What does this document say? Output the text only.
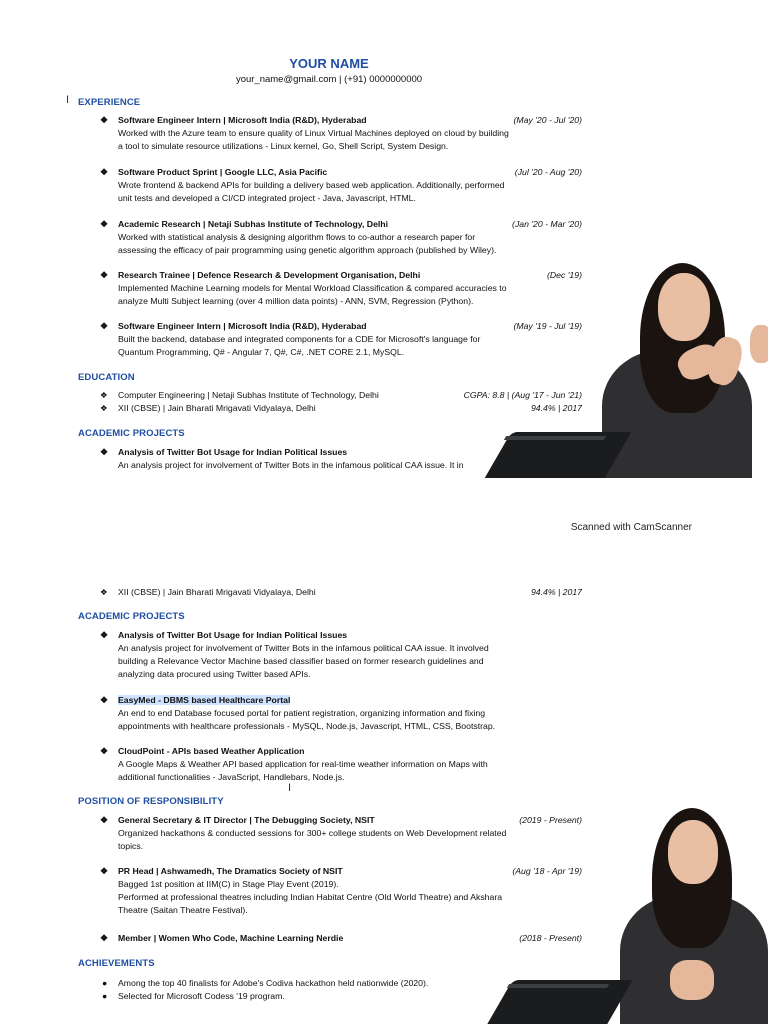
YOUR NAME
your_name@gmail.com | (+91) 0000000000
I EXPERIENCE
❖ Software Engineer Intern | Microsoft India (R&D), Hyderabad	(May '20 - Jul '20)
Worked with the Azure team to ensure quality of Linux Virtual Machines deployed on cloud by building
a tool to simulate resource utilizations - Linux kernel, Go, Shell Script, System Design.
❖ Software Product Sprint | Google LLC, Asia Pacific	(Jul '20 - Aug '20)
Wrote frontend & backend APIs for building a delivery based web application. Additionally, performed
unit tests and developed a CI/CD integrated project - Java, Javascript, HTML.
❖ Academic Research | Netaji Subhas Institute of Technology, Delhi	(Jan '20 - Mar '20)
Worked with statistical analysis & designing algorithm flows to co-author a research paper for
assessing the efficacy of pair programming using genetic algorithm approach (published by Wiley).
❖ Research Trainee | Defence Research & Development Organisation, Delhi	(Dec '19)
Implemented Machine Learning models for Mental Workload Classification & compared accuracies to
analyze Multi Subject learning (over 4 million data points) - ANN, SVM, Regression (Python).
❖ Software Engineer Intern | Microsoft India (R&D), Hyderabad	(May '19 - Jul '19)
Built the backend, database and integrated components for a CDE for Microsoft's language for
Quantum Programming, Q# - Angular 7, Q#, C#, .NET CORE 2.1, MySQL.
EDUCATION
❖ Computer Engineering | Netaji Subhas Institute of Technology, Delhi	CGPA: 8.8 | (Aug '17 - Jun '21)
❖ XII (CBSE) | Jain Bharati Mrigavati Vidyalaya, Delhi	94.4% | 2017
ACADEMIC PROJECTS
❖ Analysis of Twitter Bot Usage for Indian Political Issues
An analysis project for involvement of Twitter Bots in the infamous political CAA issue. It in
Scanned with CamScanner
❖ XII (CBSE) | Jain Bharati Mrigavati Vidyalaya, Delhi	94.4% | 2017
ACADEMIC PROJECTS
❖ Analysis of Twitter Bot Usage for Indian Political Issues
An analysis project for involvement of Twitter Bots in the infamous political CAA issue. It involved
building a Relevance Vector Machine based classifier based on former research guidelines and
analyzing data procured using Twitter based APIs.
❖ EasyMed - DBMS based Healthcare Portal
An end to end Database focused portal for patient registration, organizing information and fixing
appointments with healthcare professionals - MySQL, Node.js, Javascript, HTML, CSS, Bootstrap.
❖ CloudPoint - APIs based Weather Application
A Google Maps & Weather API based application for real-time weather information on Maps with
additional functionalities - JavaScript, Handlebars, Node.js.
I
POSITION OF RESPONSIBILITY
❖ General Secretary & IT Director | The Debugging Society, NSIT	(2019 - Present)
Organized hackathons & conducted sessions for 300+ college students on Web Development related
topics.
❖ PR Head | Ashwamedh, The Dramatics Society of NSIT	(Aug '18 - Apr '19)
Bagged 1st position at IIM(C) in Stage Play Event (2019).
Performed at professional theatres including Indian Habitat Centre (Old World Theatre) and Akshara
Theatre (Saitan Theatre Festival).
❖ Member | Women Who Code, Machine Learning Nerdie	(2018 - Present)
ACHIEVEMENTS
● Among the top 40 finalists for Adobe's Codiva hackathon held nationwide (2020).
● Selected for Microsoft Codess '19 program.
